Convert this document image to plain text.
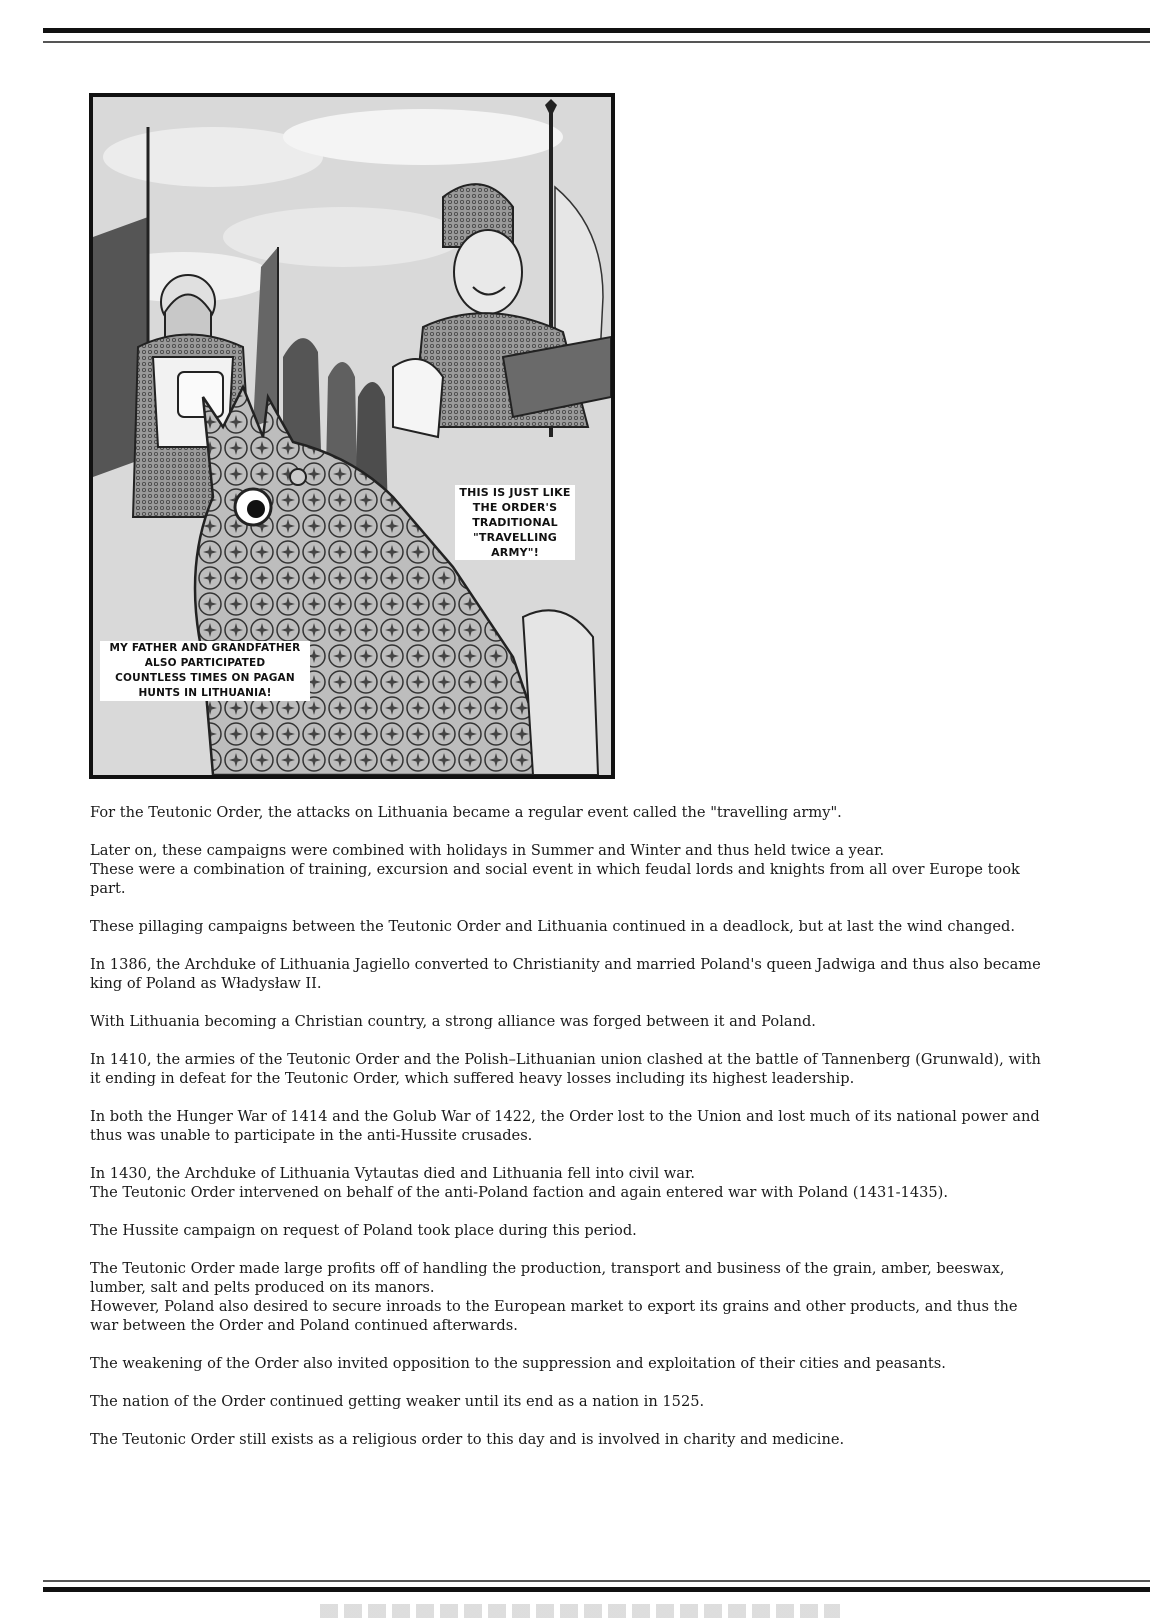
THIS IS JUST LIKE
THE ORDER'S
TRADITIONAL
"TRAVELLING
ARMY"!
MY FATHER AND GRANDFATHER
ALSO PARTICIPATED
COUNTLESS TIMES ON PAGAN
HUNTS IN LITHUANIA!

For the Teutonic Order, the attacks on Lithuania became a regular event called the "travelling army".

Later on, these campaigns were combined with holidays in Summer and Winter and thus held twice a year.
These were a combination of training, excursion and social event in which feudal lords and knights from all over Europe took part.

These pillaging campaigns between the Teutonic Order and Lithuania continued in a deadlock, but at last the wind changed.

In 1386, the Archduke of Lithuania Jagiello converted to Christianity and married Poland's queen Jadwiga and thus also became king of Poland as Władysław II.

With Lithuania becoming a Christian country, a strong alliance was forged between it and Poland.

In 1410, the armies of the Teutonic Order and the Polish–Lithuanian union clashed at the battle of Tannenberg (Grunwald), with it ending in defeat for the Teutonic Order, which suffered heavy losses including its highest leadership.

In both the Hunger War of 1414 and the Golub War of 1422, the Order lost to the Union and lost much of its national power and thus was unable to participate in the anti-Hussite crusades.

In 1430, the Archduke of Lithuania Vytautas died and Lithuania fell into civil war.
The Teutonic Order intervened on behalf of the anti-Poland faction and again entered war with Poland (1431-1435).

The Hussite campaign on request of Poland took place during this period.

The Teutonic Order made large profits off of handling the production, transport and business of the grain, amber, beeswax, lumber, salt and pelts produced on its manors.
However, Poland also desired to secure inroads to the European market to export its grains and other products, and thus the war between the Order and Poland continued afterwards.

The weakening of the Order also invited opposition to the suppression and exploitation of their cities and peasants.

The nation of the Order continued getting weaker until its end as a nation in 1525.

The Teutonic Order still exists as a religious order to this day and is involved in charity and medicine.
